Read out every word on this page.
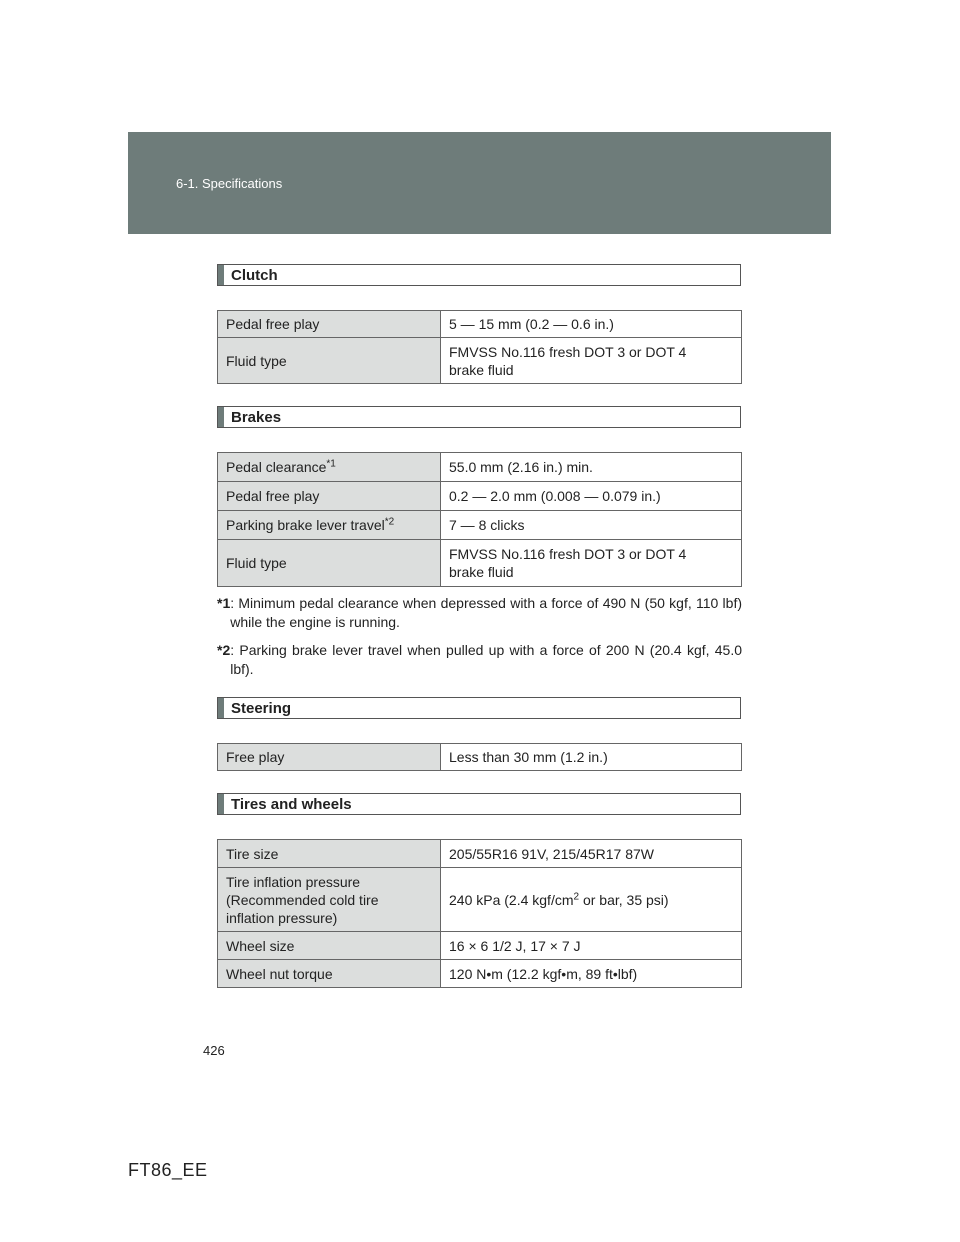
6-1. Specifications
Clutch
Pedal free play	5 — 15 mm (0.2 — 0.6 in.)
Fluid type	FMVSS No.116 fresh DOT 3 or DOT 4
brake fluid
Brakes
Pedal clearance$^{*1}$	55.0 mm (2.16 in.) min.
Pedal free play	0.2 — 2.0 mm (0.008 — 0.079 in.)
Parking brake lever travel$^{*2}$	7 — 8 clicks
Fluid type	FMVSS No.116 fresh DOT 3 or DOT 4
brake fluid
*1 : Minimum pedal clearance when depressed with a force of 490 N (50 kgf, 110 lbf) while the engine is running.
*2 : Parking brake lever travel when pulled up with a force of 200 N (20.4 kgf, 45.0 lbf).
Steering
Free play	Less than 30 mm (1.2 in.)
Tires and wheels
Tire size	205/55R16 91V, 215/45R17 87W

Tire inflation pressure
(Recommended cold tire
inflation pressure)	240 kPa (2.4 kgf/$cm^2$ or bar, 35 psi)
Wheel size	16 × 6 1/2 J, 17 × 7 J
Wheel nut torque	120 N•m (12.2 kgf•m, 89 ft•lbf)
426
FT86_EE
